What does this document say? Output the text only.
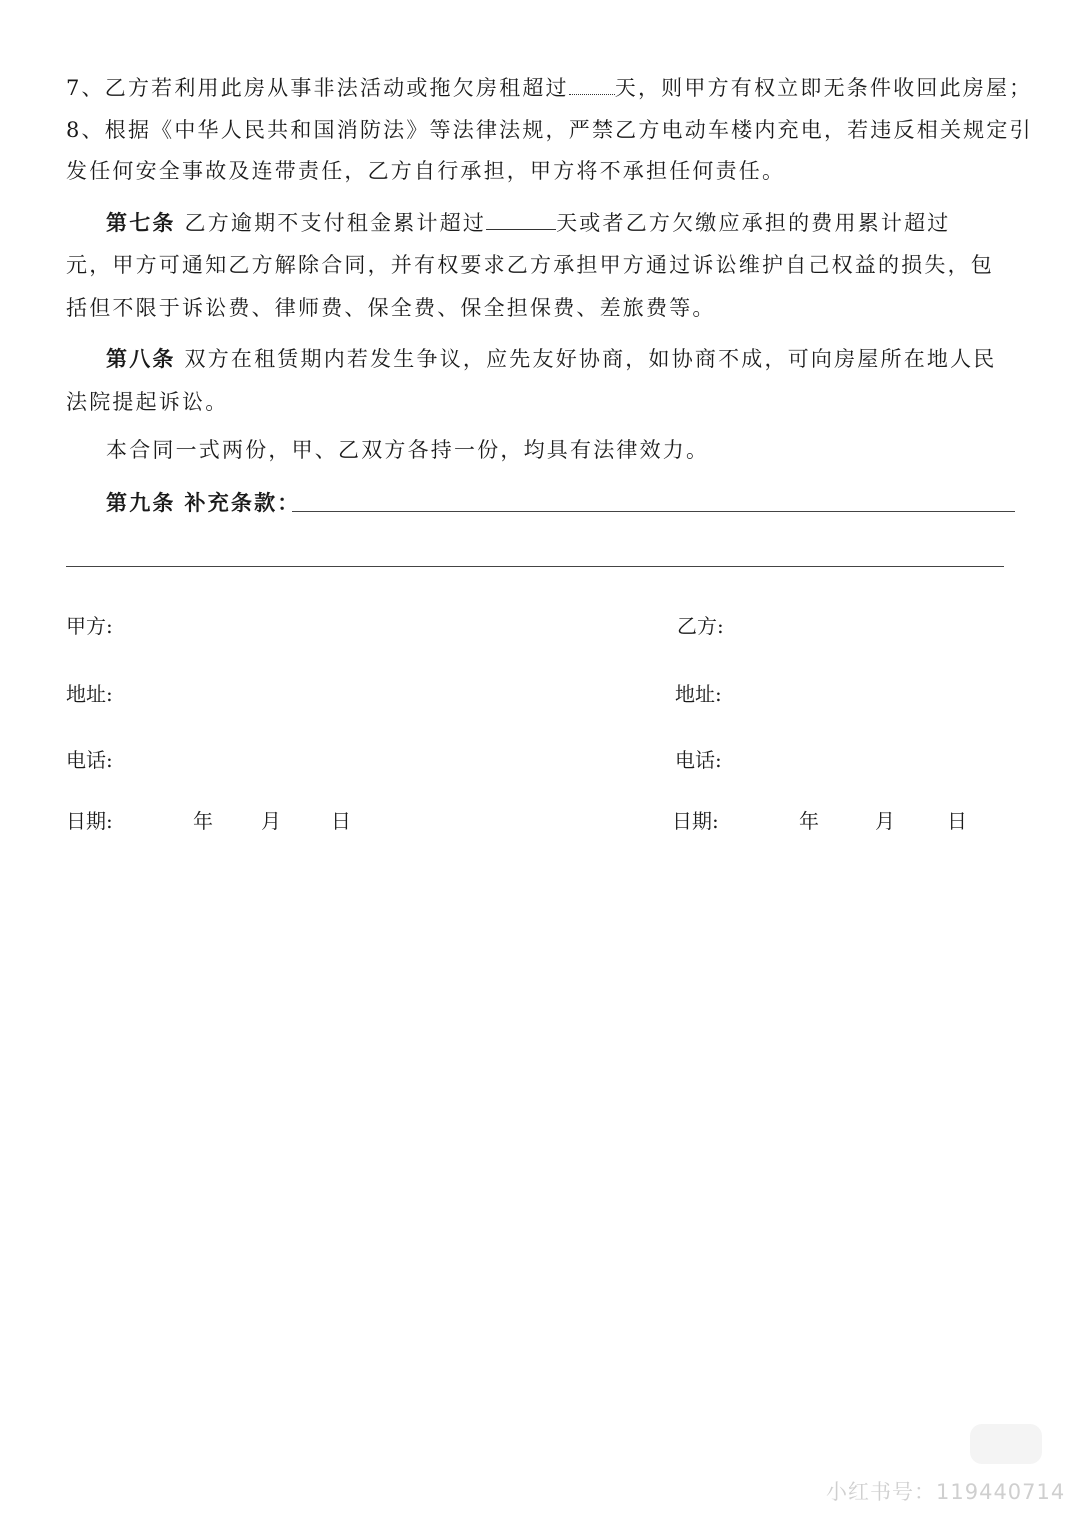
7、乙方若利用此房从事非法活动或拖欠房租超过 天，则甲方有权立即无条件收回此房屋；
8、根据《中华人民共和国消防法》等法律法规，严禁乙方电动车楼内充电，若违反相关规定引
发任何安全事故及连带责任，乙方自行承担，甲方将不承担任何责任。
第七条 乙方逾期不支付租金累计超过	天或者乙方欠缴应承担的费用累计超过
元，甲方可通知乙方解除合同，并有权要求乙方承担甲方通过诉讼维护自己权益的损失，包
括但不限于诉讼费、律师费、保全费、保全担保费、差旅费等。
第八条 双方在租赁期内若发生争议，应先友好协商，如协商不成，可向房屋所在地人民
法院提起诉讼。
本合同一式两份，甲、乙双方各持一份，均具有法律效力。
第九条 补充条款：
甲方:
地址:
电话:
日期:	年 月	日
乙方:
地址:
电话:
日期:	年	月	日
小红书号：119440714
